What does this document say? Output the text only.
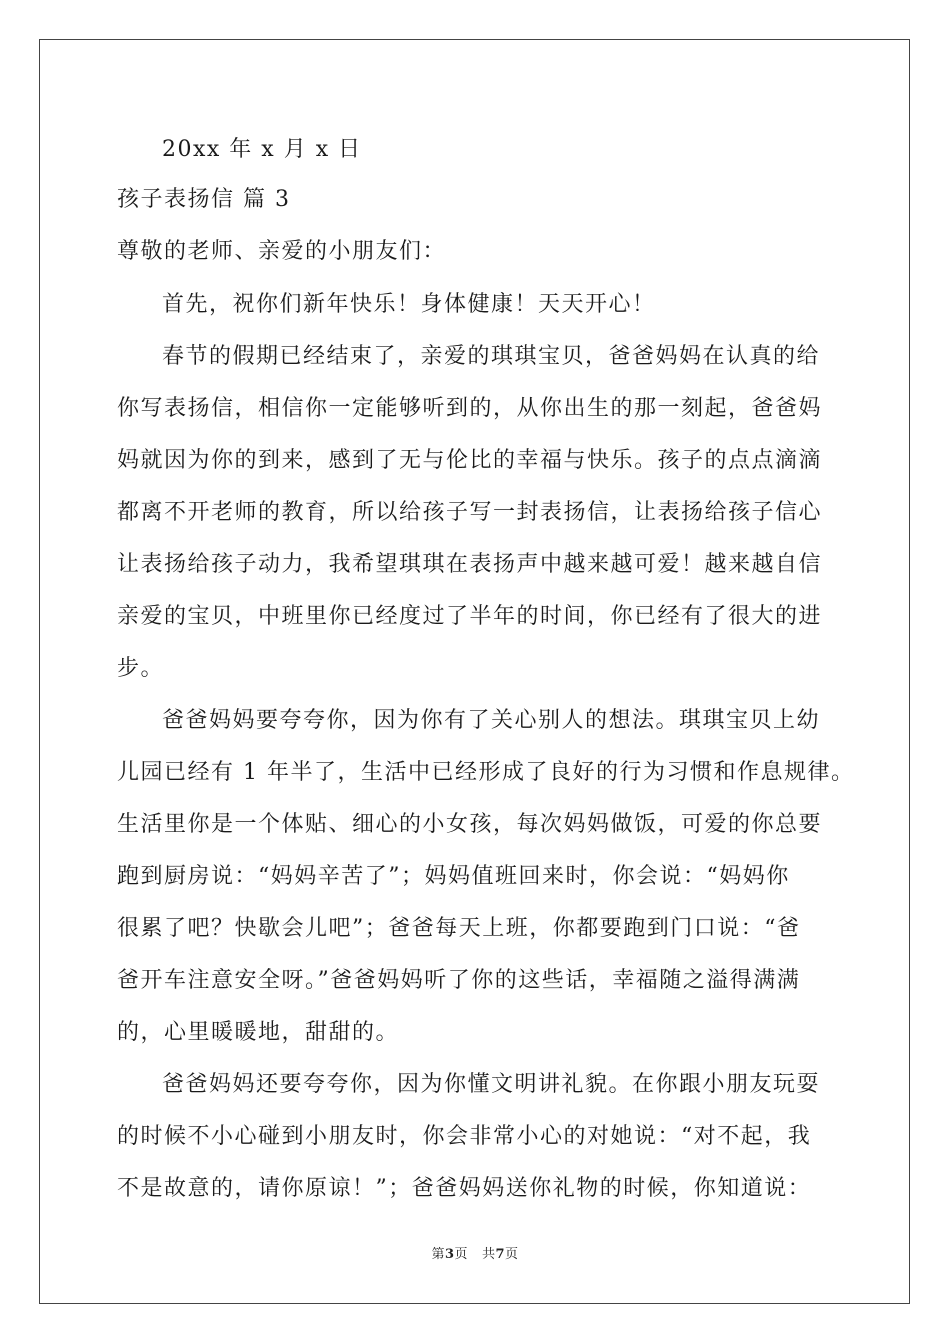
20xx 年 x 月 x 日
孩子表扬信 篇 3
尊敬的老师、亲爱的小朋友们：
首先，祝你们新年快乐！身体健康！天天开心！
春节的假期已经结束了，亲爱的琪琪宝贝，爸爸妈妈在认真的给
你写表扬信，相信你一定能够听到的，从你出生的那一刻起，爸爸妈
妈就因为你的到来，感到了无与伦比的幸福与快乐。孩子的点点滴滴
都离不开老师的教育，所以给孩子写一封表扬信，让表扬给孩子信心
让表扬给孩子动力，我希望琪琪在表扬声中越来越可爱！越来越自信
亲爱的宝贝，中班里你已经度过了半年的时间，你已经有了很大的进
步。
爸爸妈妈要夸夸你，因为你有了关心别人的想法。琪琪宝贝上幼
儿园已经有 1 年半了，生活中已经形成了良好的行为习惯和作息规律。
生活里你是一个体贴、细心的小女孩，每次妈妈做饭，可爱的你总要
跑到厨房说：“妈妈辛苦了”；妈妈值班回来时，你会说：“妈妈你
很累了吧？快歇会儿吧”；爸爸每天上班，你都要跑到门口说：“爸
爸开车注意安全呀。”爸爸妈妈听了你的这些话，幸福随之溢得满满
的，心里暖暖地，甜甜的。
爸爸妈妈还要夸夸你，因为你懂文明讲礼貌。在你跟小朋友玩耍
的时候不小心碰到小朋友时，你会非常小心的对她说：“对不起，我
不是故意的，请你原谅！”；爸爸妈妈送你礼物的时候，你知道说：
第3页 共7页
